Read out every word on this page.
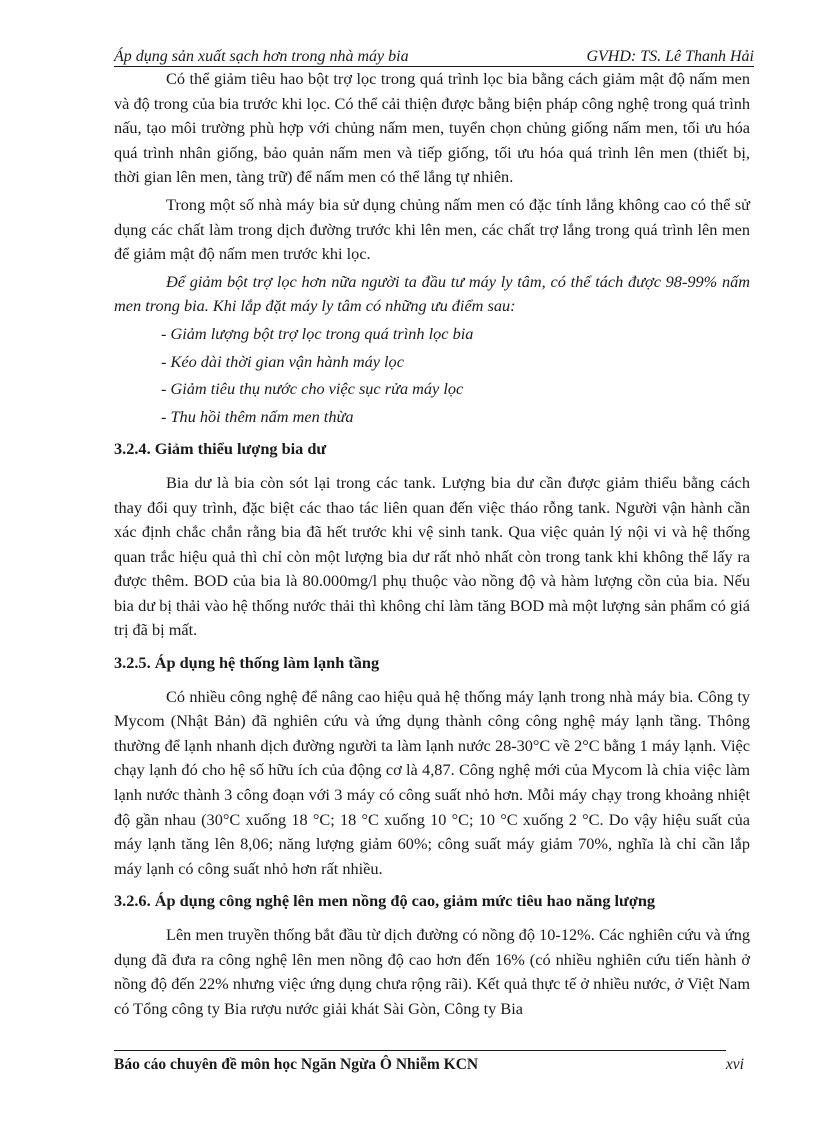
Áp dụng sản xuất sạch hơn trong nhà máy bia	GVHD: TS. Lê Thanh Hải

Có thể giảm tiêu hao bột trợ lọc trong quá trình lọc bia bằng cách giảm mật độ nấm men và độ trong của bia trước khi lọc. Có thể cải thiện được bằng biện pháp công nghệ trong quá trình nấu, tạo môi trường phù hợp với chủng nấm men, tuyển chọn chủng giống nấm men, tối ưu hóa quá trình nhân giống, bảo quản nấm men và tiếp giống, tối ưu hóa quá trình lên men (thiết bị, thời gian lên men, tàng trữ) để nấm men có thể lắng tự nhiên.

Trong một số nhà máy bia sử dụng chủng nấm men có đặc tính lắng không cao có thể sử dụng các chất làm trong dịch đường trước khi lên men, các chất trợ lắng trong quá trình lên men để giảm mật độ nấm men trước khi lọc.

Để giảm bột trợ lọc hơn nữa người ta đầu tư máy ly tâm, có thể tách được 98-99% nấm men trong bia. Khi lắp đặt máy ly tâm có những ưu điểm sau:

- Giảm lượng bột trợ lọc trong quá trình lọc bia

- Kéo dài thời gian vận hành máy lọc

- Giảm tiêu thụ nước cho việc sục rửa máy lọc

- Thu hồi thêm nấm men thừa

3.2.4. Giảm thiểu lượng bia dư

Bia dư là bia còn sót lại trong các tank. Lượng bia dư cần được giảm thiểu bằng cách thay đổi quy trình, đặc biệt các thao tác liên quan đến việc tháo rỗng tank. Người vận hành cần xác định chắc chắn rằng bia đã hết trước khi vệ sinh tank. Qua việc quản lý nội vi và hệ thống quan trắc hiệu quả thì chỉ còn một lượng bia dư rất nhỏ nhất còn trong tank khi không thể lấy ra được thêm. BOD của bia là 80.000mg/l phụ thuộc vào nồng độ và hàm lượng cồn của bia. Nếu bia dư bị thải vào hệ thống nước thải thì không chỉ làm tăng BOD mà một lượng sản phẩm có giá trị đã bị mất.

3.2.5. Áp dụng hệ thống làm lạnh tầng

Có nhiều công nghệ để nâng cao hiệu quả hệ thống máy lạnh trong nhà máy bia. Công ty Mycom (Nhật Bản) đã nghiên cứu và ứng dụng thành công công nghệ máy lạnh tầng. Thông thường để lạnh nhanh dịch đường người ta làm lạnh nước 28-30°C về 2°C bằng 1 máy lạnh. Việc chạy lạnh đó cho hệ số hữu ích của động cơ là 4,87. Công nghệ mới của Mycom là chia việc làm lạnh nước thành 3 công đoạn với 3 máy có công suất nhỏ hơn. Mỗi máy chạy trong khoảng nhiệt độ gần nhau (30°C xuống 18 °C; 18 °C xuống 10 °C; 10 °C xuống 2 °C. Do vậy hiệu suất của máy lạnh tăng lên 8,06; năng lượng giảm 60%; công suất máy giảm 70%, nghĩa là chỉ cần lắp máy lạnh có công suất nhỏ hơn rất nhiều.

3.2.6. Áp dụng công nghệ lên men nồng độ cao, giảm mức tiêu hao năng lượng

Lên men truyền thống bắt đầu từ dịch đường có nồng độ 10-12%. Các nghiên cứu và ứng dụng đã đưa ra công nghệ lên men nồng độ cao hơn đến 16% (có nhiều nghiên cứu tiến hành ở nồng độ đến 22% nhưng việc ứng dụng chưa rộng rãi). Kết quả thực tế ở nhiều nước, ở Việt Nam có Tổng công ty Bia rượu nước giải khát Sài Gòn, Công ty Bia

Báo cáo chuyên đề môn học Ngăn Ngừa Ô Nhiễm KCN	xvi
